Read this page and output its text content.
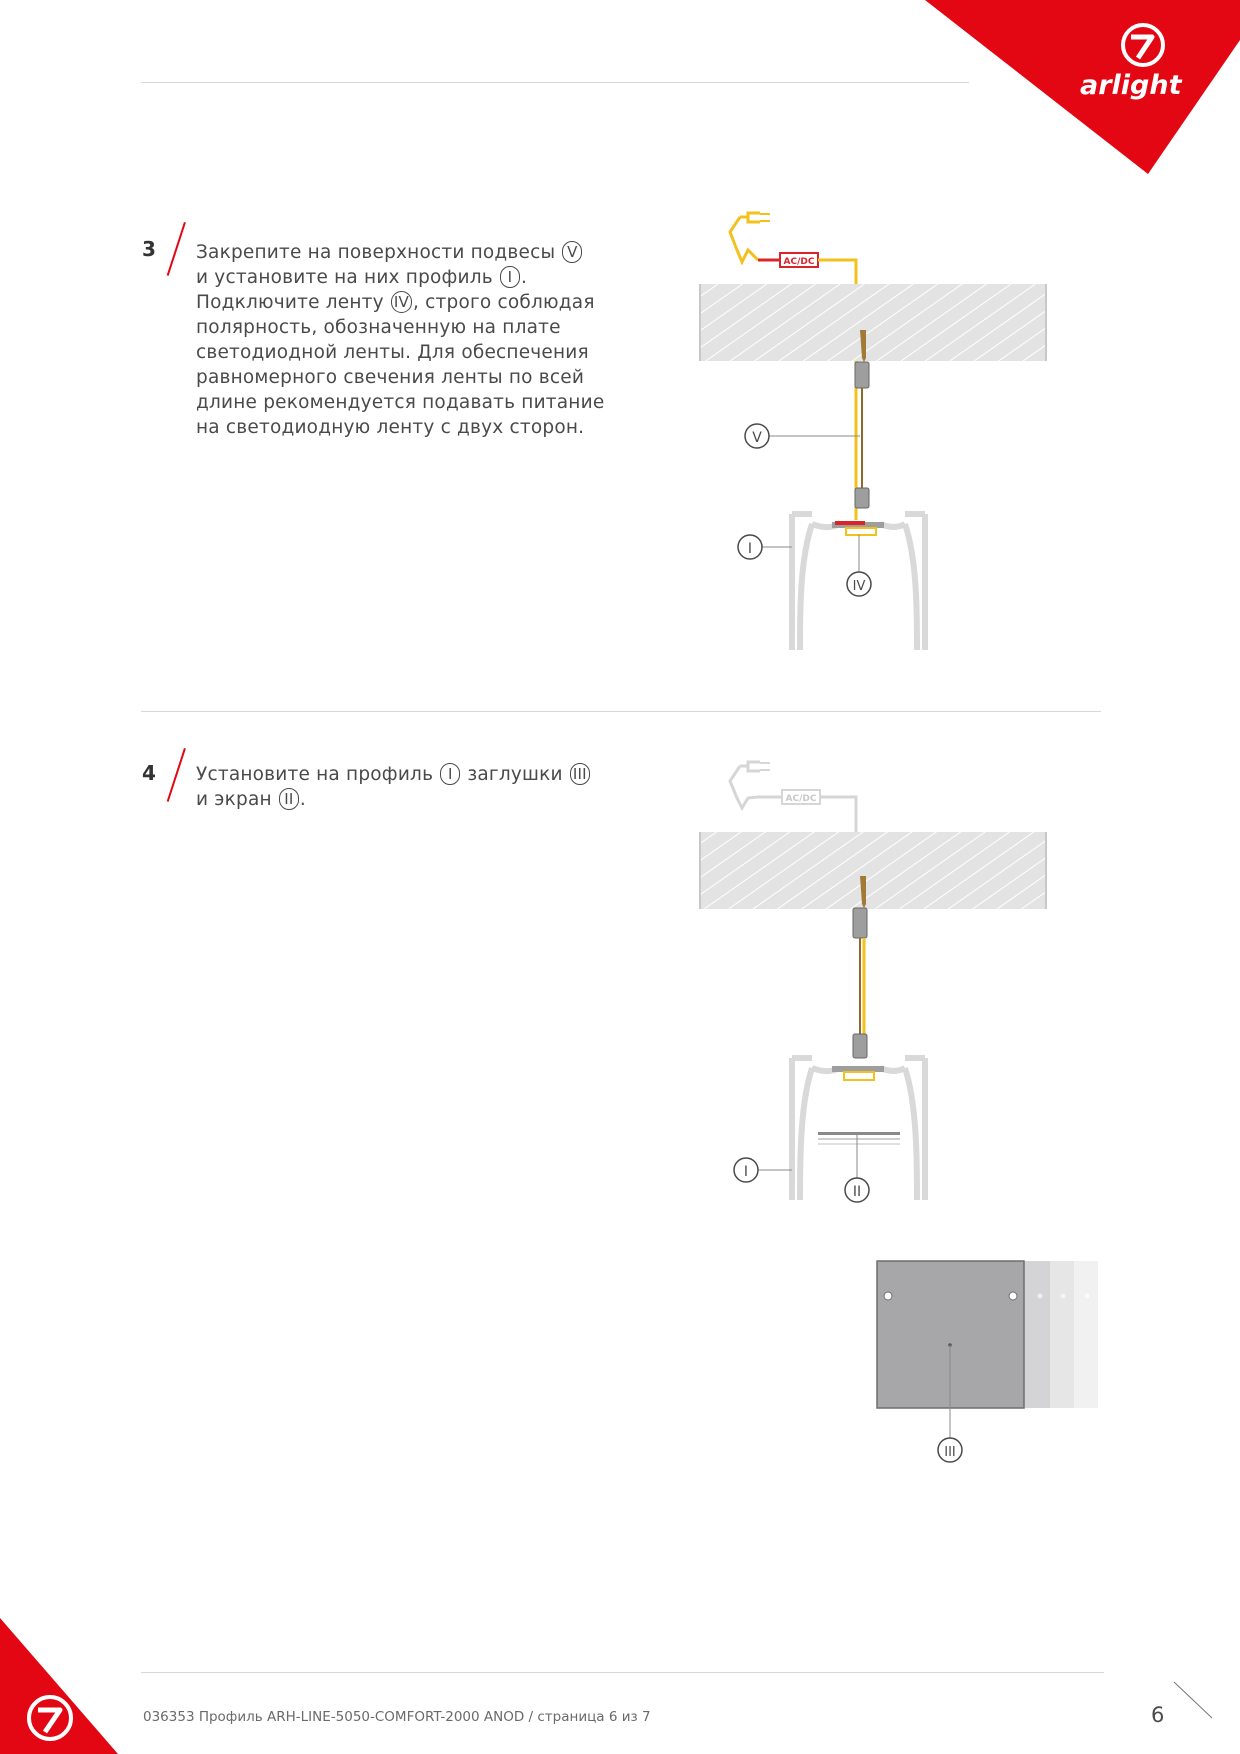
arlight
3 Закрепите на поверхности подвесы V
и установите на них профиль I .
Подключите ленту IV , строго соблюдая
полярность, обозначенную на плате
светодиодной ленты. Для обеспечения
равномерного свечения ленты по всей
длине рекомендуется подавать питание
на светодиодную ленту с двух сторон.
4 Установите на профиль I заглушки III
и экран II .
AC/DC
V
I
IV
AC/DC
I
II
III
036353 Профиль ARH-LINE-5050-COMFORT-2000 ANOD / страница 6 из 7	6
